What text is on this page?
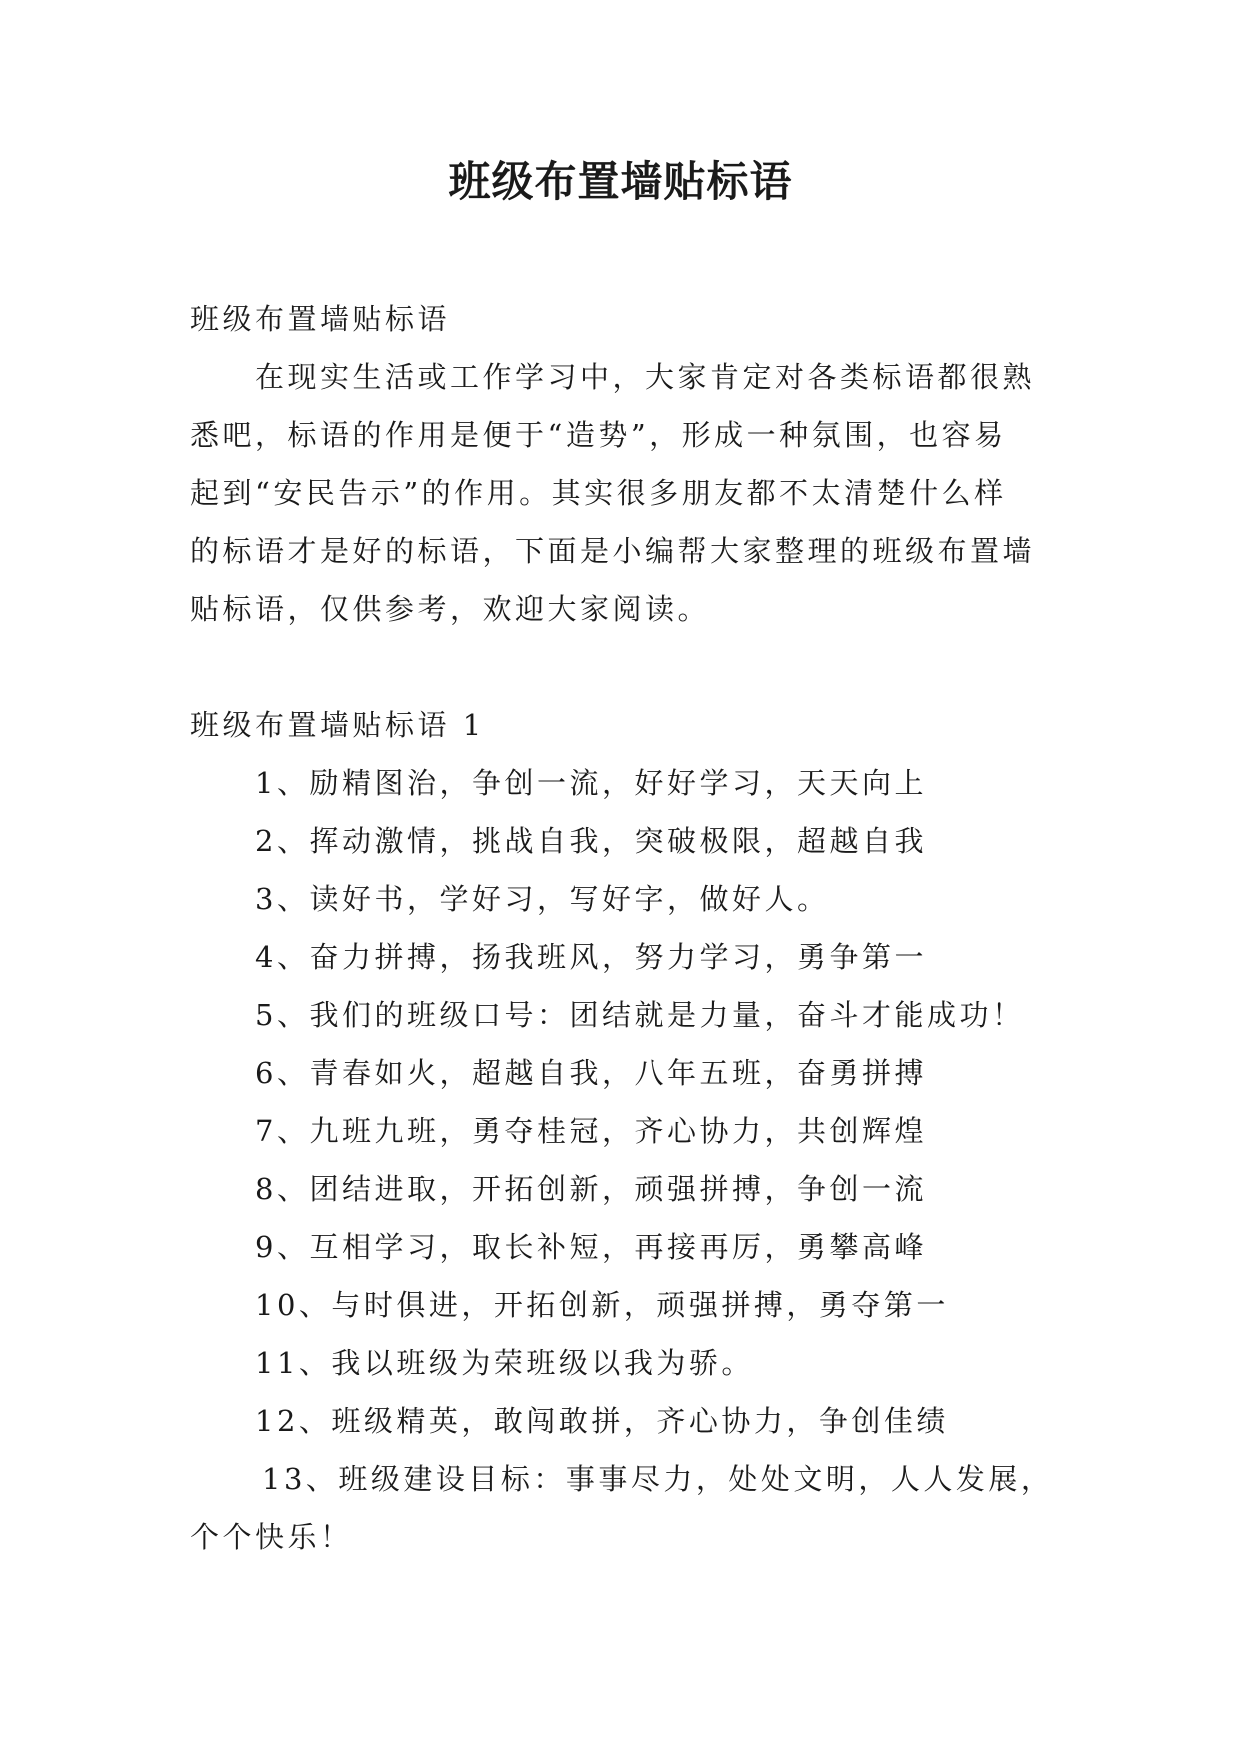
班级布置墙贴标语
班级布置墙贴标语
在现实生活或工作学习中，大家肯定对各类标语都很熟
悉吧，标语的作用是便于“造势”，形成一种氛围，也容易
起到“安民告示”的作用。其实很多朋友都不太清楚什么样
的标语才是好的标语，下面是小编帮大家整理的班级布置墙
贴标语，仅供参考，欢迎大家阅读。
班级布置墙贴标语 1
1、励精图治，争创一流，好好学习，天天向上
2、挥动激情，挑战自我，突破极限，超越自我
3、读好书，学好习，写好字，做好人。
4、奋力拼搏，扬我班风，努力学习，勇争第一
5、我们的班级口号：团结就是力量，奋斗才能成功！
6、青春如火，超越自我，八年五班，奋勇拼搏
7、九班九班，勇夺桂冠，齐心协力，共创辉煌
8、团结进取，开拓创新，顽强拼搏，争创一流
9、互相学习，取长补短，再接再厉，勇攀高峰
10、与时俱进，开拓创新，顽强拼搏，勇夺第一
11、我以班级为荣班级以我为骄。
12、班级精英，敢闯敢拼，齐心协力，争创佳绩
13、班级建设目标：事事尽力，处处文明，人人发展，
个个快乐！
